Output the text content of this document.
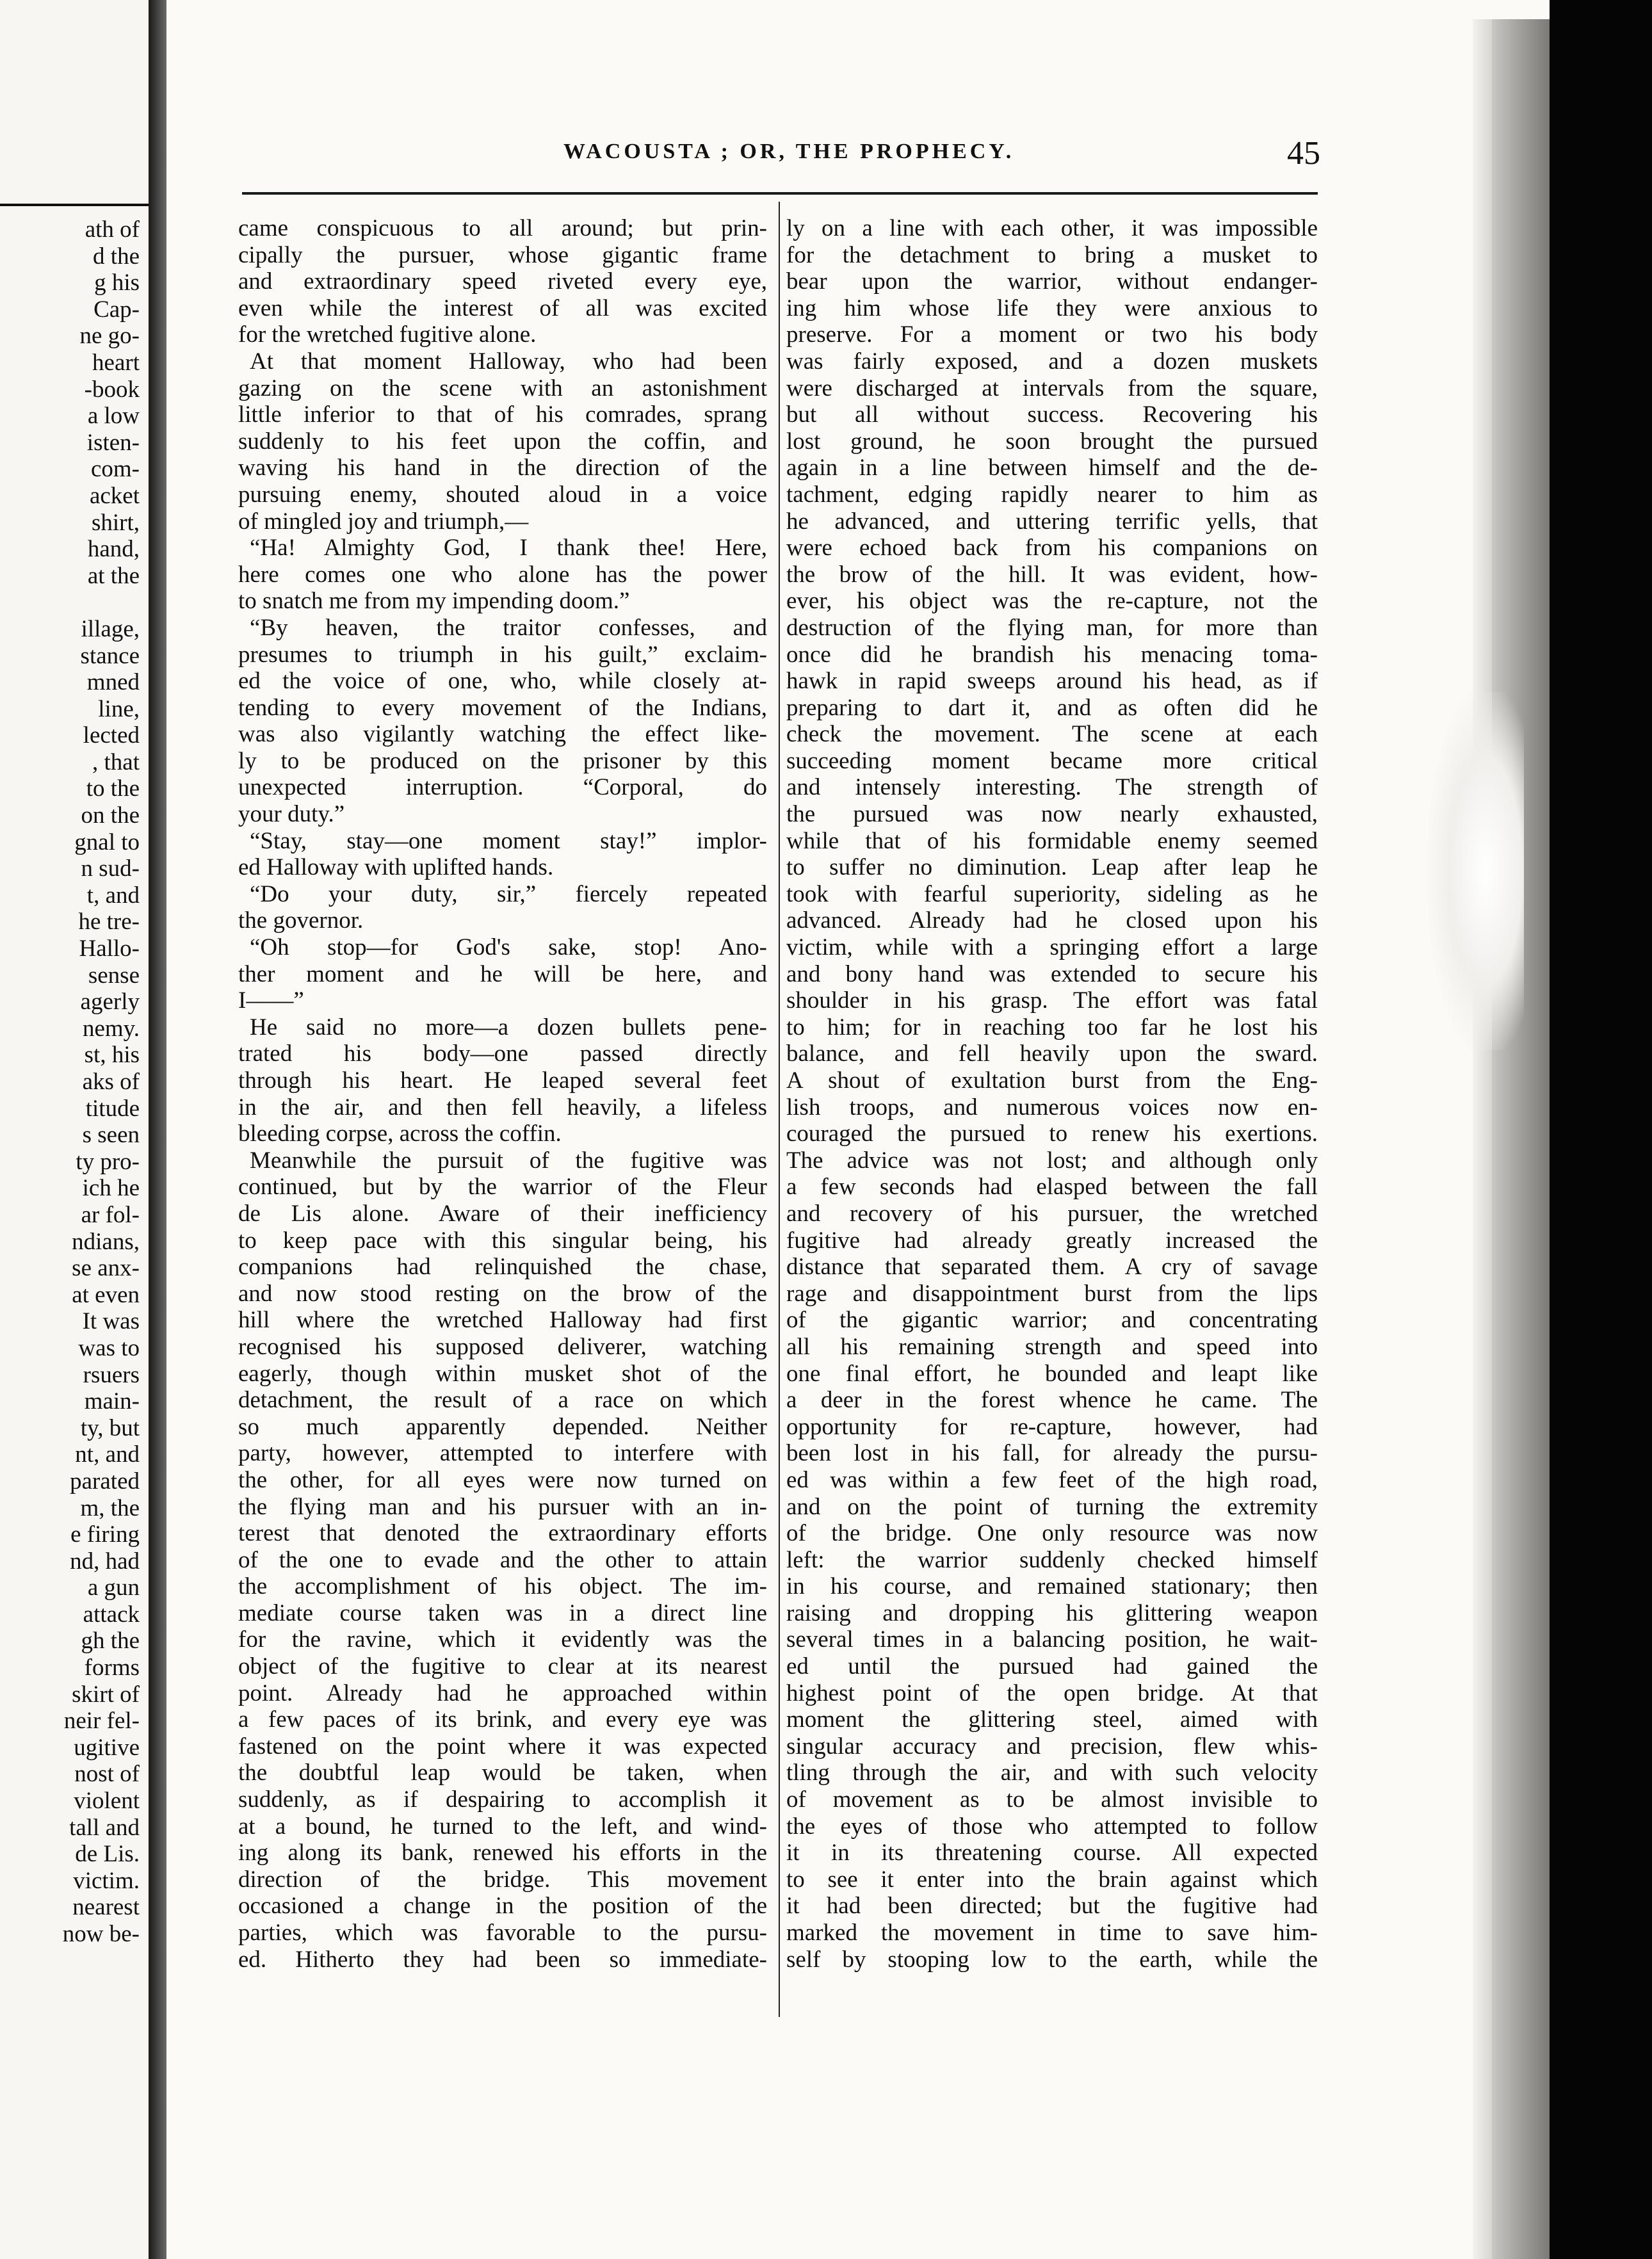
ath of
d the
g his
Cap-
ne go-
heart
-book
a low
isten-
com-
acket
shirt,
hand,
at the
illage,
stance
mned
line,
lected
, that
to the
on the
gnal to
n sud-
t, and
he tre-
Hallo-
sense
agerly
nemy.
st, his
aks of
titude
s seen
ty pro-
ich he
ar fol-
ndians,
se anx-
at even
It was
was to
rsuers
main-
ty, but
nt, and
parated
m, the
e firing
nd, had
a gun
attack
gh the
forms
skirt of
neir fel-
ugitive
nost of
violent
tall and
de Lis.
victim.
nearest
now be-
WACOUSTA ; OR, THE PROPHECY.	45
came conspicuous to all around; but prin-
cipally the pursuer, whose gigantic frame
and extraordinary speed riveted every eye,
even while the interest of all was excited
for the wretched fugitive alone.
At that moment Halloway, who had been
gazing on the scene with an astonishment
little inferior to that of his comrades, sprang
suddenly to his feet upon the coffin, and
waving his hand in the direction of the
pursuing enemy, shouted aloud in a voice
of mingled joy and triumph,—
“Ha! Almighty God, I thank thee! Here,
here comes one who alone has the power
to snatch me from my impending doom.”
“By heaven, the traitor confesses, and
presumes to triumph in his guilt,” exclaim-
ed the voice of one, who, while closely at-
tending to every movement of the Indians,
was also vigilantly watching the effect like-
ly to be produced on the prisoner by this
unexpected interruption. “Corporal, do
your duty.”
“Stay, stay—one moment stay!” implor-
ed Halloway with uplifted hands.
“Do your duty, sir,” fiercely repeated
the governor.
“Oh stop—for God's sake, stop! Ano-
ther moment and he will be here, and
I——”
He said no more—a dozen bullets pene-
trated his body—one passed directly
through his heart. He leaped several feet
in the air, and then fell heavily, a lifeless
bleeding corpse, across the coffin.
Meanwhile the pursuit of the fugitive was
continued, but by the warrior of the Fleur
de Lis alone. Aware of their inefficiency
to keep pace with this singular being, his
companions had relinquished the chase,
and now stood resting on the brow of the
hill where the wretched Halloway had first
recognised his supposed deliverer, watching
eagerly, though within musket shot of the
detachment, the result of a race on which
so much apparently depended. Neither
party, however, attempted to interfere with
the other, for all eyes were now turned on
the flying man and his pursuer with an in-
terest that denoted the extraordinary efforts
of the one to evade and the other to attain
the accomplishment of his object. The im-
mediate course taken was in a direct line
for the ravine, which it evidently was the
object of the fugitive to clear at its nearest
point. Already had he approached within
a few paces of its brink, and every eye was
fastened on the point where it was expected
the doubtful leap would be taken, when
suddenly, as if despairing to accomplish it
at a bound, he turned to the left, and wind-
ing along its bank, renewed his efforts in the
direction of the bridge. This movement
occasioned a change in the position of the
parties, which was favorable to the pursu-
ed. Hitherto they had been so immediate-
ly on a line with each other, it was impossible
for the detachment to bring a musket to
bear upon the warrior, without endanger-
ing him whose life they were anxious to
preserve. For a moment or two his body
was fairly exposed, and a dozen muskets
were discharged at intervals from the square,
but all without success. Recovering his
lost ground, he soon brought the pursued
again in a line between himself and the de-
tachment, edging rapidly nearer to him as
he advanced, and uttering terrific yells, that
were echoed back from his companions on
the brow of the hill. It was evident, how-
ever, his object was the re-capture, not the
destruction of the flying man, for more than
once did he brandish his menacing toma-
hawk in rapid sweeps around his head, as if
preparing to dart it, and as often did he
check the movement. The scene at each
succeeding moment became more critical
and intensely interesting. The strength of
the pursued was now nearly exhausted,
while that of his formidable enemy seemed
to suffer no diminution. Leap after leap he
took with fearful superiority, sideling as he
advanced. Already had he closed upon his
victim, while with a springing effort a large
and bony hand was extended to secure his
shoulder in his grasp. The effort was fatal
to him; for in reaching too far he lost his
balance, and fell heavily upon the sward.
A shout of exultation burst from the Eng-
lish troops, and numerous voices now en-
couraged the pursued to renew his exertions.
The advice was not lost; and although only
a few seconds had elasped between the fall
and recovery of his pursuer, the wretched
fugitive had already greatly increased the
distance that separated them. A cry of savage
rage and disappointment burst from the lips
of the gigantic warrior; and concentrating
all his remaining strength and speed into
one final effort, he bounded and leapt like
a deer in the forest whence he came. The
opportunity for re-capture, however, had
been lost in his fall, for already the pursu-
ed was within a few feet of the high road,
and on the point of turning the extremity
of the bridge. One only resource was now
left: the warrior suddenly checked himself
in his course, and remained stationary; then
raising and dropping his glittering weapon
several times in a balancing position, he wait-
ed until the pursued had gained the
highest point of the open bridge. At that
moment the glittering steel, aimed with
singular accuracy and precision, flew whis-
tling through the air, and with such velocity
of movement as to be almost invisible to
the eyes of those who attempted to follow
it in its threatening course. All expected
to see it enter into the brain against which
it had been directed; but the fugitive had
marked the movement in time to save him-
self by stooping low to the earth, while the
